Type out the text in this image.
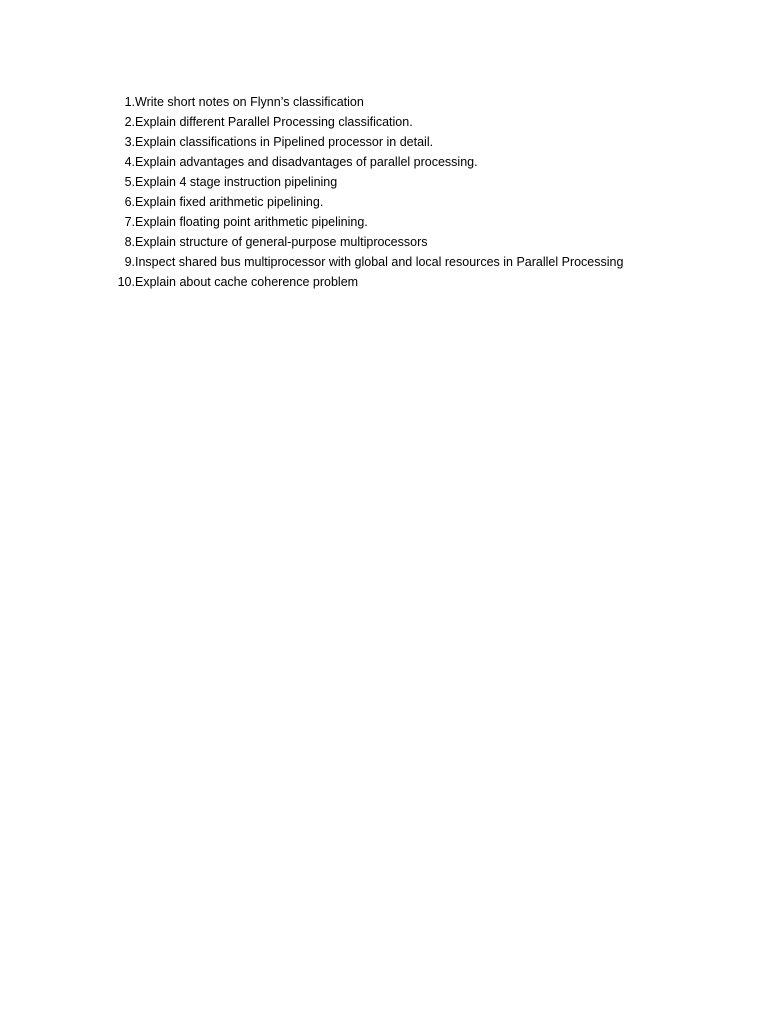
1. Write short notes on Flynn’s classification
2. Explain different Parallel Processing classification.
3. Explain classifications in Pipelined processor in detail.
4. Explain advantages and disadvantages of parallel processing.
5. Explain 4 stage instruction pipelining
6. Explain fixed arithmetic pipelining.
7. Explain floating point arithmetic pipelining.
8. Explain structure of general-purpose multiprocessors
9. Inspect shared bus multiprocessor with global and local resources in Parallel Processing
10. Explain about cache coherence problem
